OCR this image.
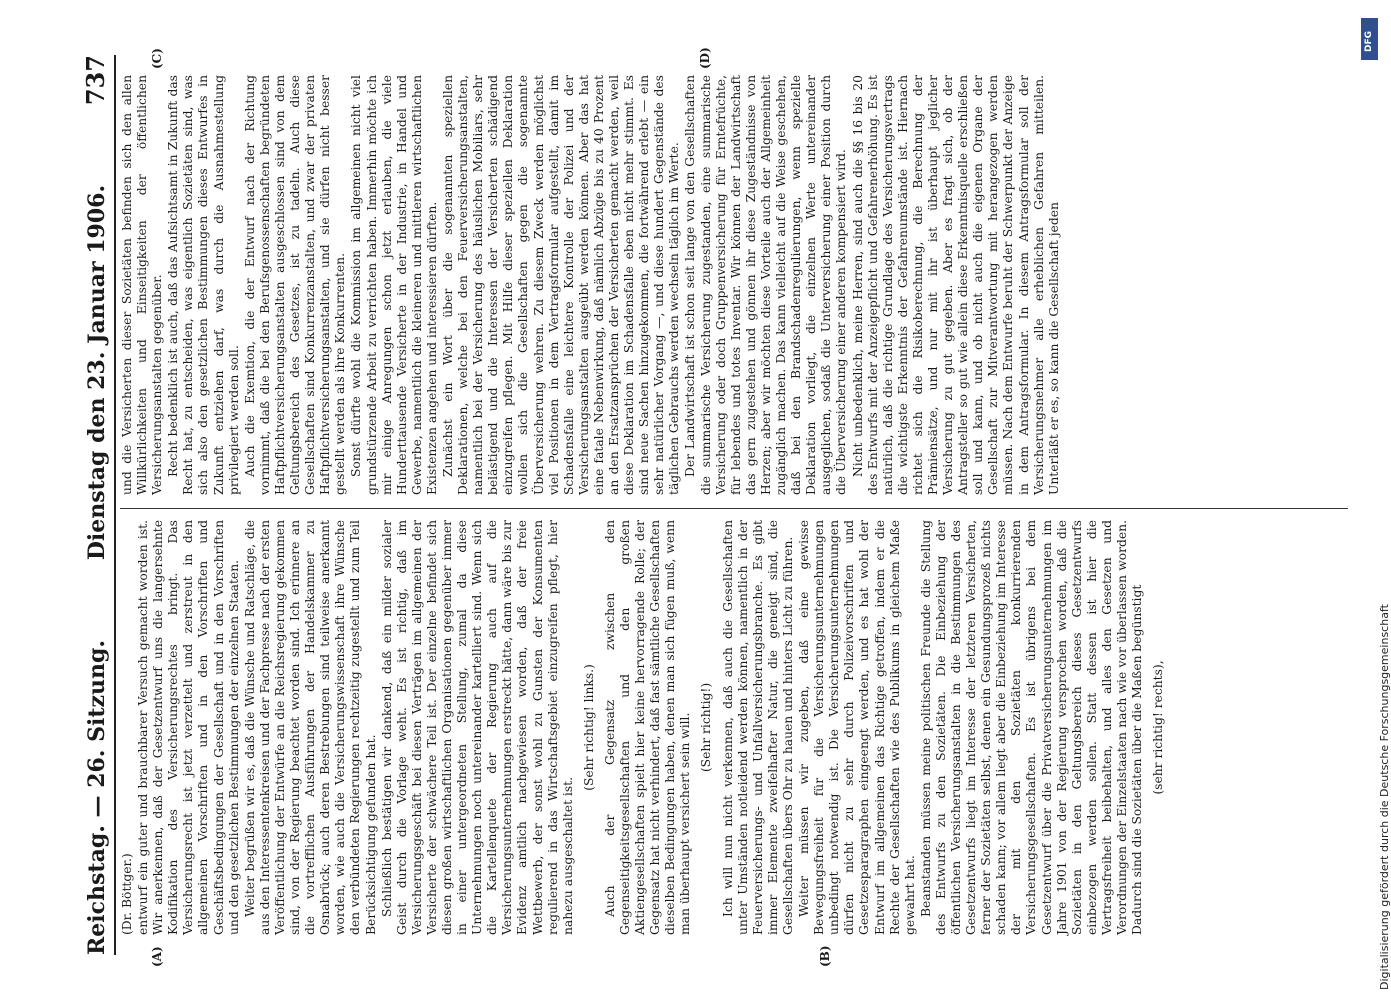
Reichstag. — 26. Sitzung.
Dienstag den 23. Januar 1906.
737
(A)	(B)
(C)	(D)

(Dr. Böttger.) entwurf ein guter und brauchbarer Versuch gemacht worden ist. Wir anerkennen, daß der Gesetzentwurf uns die langersehnte Kodifikation des Versicherungsrechtes bringt. Das Versicherungsrecht ist jetzt verzettelt und zerstreut in den allgemeinen Vorschriften und in den Vorschriften und Geschäftsbedingungen der Gesellschaft und in den Vorschriften und den gesetzlichen Bestimmungen der einzelnen Staaten. Weiter begrüßen wir es, daß die Wünsche und Ratschläge, die aus den Interessentenkreisen und der Fachpresse nach der ersten Veröffentlichung der Entwürfe an die Reichsregierung gekommen sind, von der Regierung beachtet worden sind. Ich erinnere an die vortrefflichen Ausführungen der Handelskammer zu Osnabrück; auch deren Bestrebungen sind teilweise anerkannt worden, wie auch die Versicherungswissenschaft ihre Wünsche den verbündeten Regierungen rechtzeitig zugestellt und zum Teil Berücksichtigung gefunden hat. Schließlich bestätigen wir dankend, daß ein milder sozialer Geist durch die Vorlage weht. Es ist richtig, daß im Versicherungsgeschäft bei diesen Verträgen im allgemeinen der Versicherte der schwächere Teil ist. Der einzelne befindet sich diesen großen wirtschaftlichen Organisationen gegenüber immer in einer untergeordneten Stellung, zumal da diese Unternehmungen noch untereinander kartelliert sind. Wenn sich die Kartellenquete der Regierung auch auf die Versicherungsunternehmungen erstreckt hätte, dann wäre bis zur Evidenz amtlich nachgewiesen worden, daß der freie Wettbewerb, der sonst wohl zu Gunsten der Konsumenten regulierend in das Wirtschaftsgebiet einzugreifen pflegt, hier nahezu ausgeschaltet ist.

(Sehr richtig! links.) Auch der Gegensatz zwischen den Gegenseitigkeitsgesellschaften und den großen Aktiengesellschaften spielt hier keine hervorragende Rolle; der Gegensatz hat nicht verhindert, daß fast sämtliche Gesellschaften dieselben Bedingungen haben, denen man sich fügen muß, wenn man überhaupt versichert sein will. (Sehr richtig!) Ich will nun nicht verkennen, daß auch die Gesellschaften unter Umständen notleidend werden können, namentlich in der Feuerversicherungs- und Unfallversicherungsbranche. Es gibt immer Elemente zweifelhafter Natur, die geneigt sind, die Gesellschaften übers Ohr zu hauen und hinters Licht zu führen. Weiter müssen wir zugeben, daß eine gewisse Bewegungsfreiheit für die Versicherungsunternehmungen unbedingt notwendig ist. Die Versicherungsunternehmungen dürfen nicht zu sehr durch Polizeivorschriften und Gesetzesparagraphen eingeengt werden, und es hat wohl der Entwurf im allgemeinen das Richtige getroffen, indem er die Rechte der Gesellschaften wie des Publikums in gleichem Maße gewahrt hat. Beanstanden müssen meine politischen Freunde die Stellung des Entwurfs zu den Sozietäten. Die Einbeziehung der öffentlichen Versicherungsanstalten in die Bestimmungen des Gesetzentwurfs liegt im Interesse der letzteren Versicherten, ferner der Sozietäten selbst, denen ein Gesundungsprozeß nichts schaden kann; vor allem liegt aber die Einbeziehung im Interesse der mit den Sozietäten konkurrierenden Versicherungsgesellschaften. Es ist übrigens bei dem Gesetzentwurf über die Privatversicherungsunternehmungen im Jahre 1901 von der Regierung versprochen worden, daß die Sozietäten in den Geltungsbereich dieses Gesetzentwurfs einbezogen werden sollen. Statt dessen ist hier die Vertragsfreiheit beibehalten, und alles den Gesetzen und Verordnungen der Einzelstaaten nach wie vor überlassen worden. Dadurch sind die Sozietäten über die Maßen begünstigt (sehr richtig! rechts),

und die Versicherten dieser Sozietäten befinden sich den allen Willkürlichkeiten und Einseitigkeiten der öffentlichen Versicherungsanstalten gegenüber. Recht bedenklich ist auch, daß das Aufsichtsamt in Zukunft das Recht hat, zu entscheiden, was eigentlich Sozietäten sind, was sich also den gesetzlichen Bestimmungen dieses Entwurfes in Zukunft entziehen darf, was durch die Ausnahmestellung privilegiert werden soll. Auch die Exemtion, die der Entwurf nach der Richtung vornimmt, daß die bei den Berufsgenossenschaften begründeten Haftpflichtversicherungsanstalten ausgeschlossen sind von dem Geltungsbereich des Gesetzes, ist zu tadeln. Auch diese Gesellschaften sind Konkurrenzanstalten, und zwar der privaten Haftpflichtversicherungsanstalten, und sie dürfen nicht besser gestellt werden als ihre Konkurrenten. Sonst dürfte wohl die Kommission im allgemeinen nicht viel grundstürzende Arbeit zu verrichten haben. Immerhin möchte ich mir einige Anregungen schon jetzt erlauben, die viele Hunderttausende Versicherte in der Industrie, in Handel und Gewerbe, namentlich die kleineren und mittleren wirtschaftlichen Existenzen angehen und interessieren dürften. Zunächst ein Wort über die sogenannten speziellen Deklarationen, welche bei den Feuerversicherungsanstalten, namentlich bei der Versicherung des häuslichen Mobiliars, sehr belästigend und die Interessen der Versicherten schädigend einzugreifen pflegen. Mit Hilfe dieser speziellen Deklaration wollen sich die Gesellschaften gegen die sogenannte Überversicherung wehren. Zu diesem Zweck werden möglichst viel Positionen in dem Vertragsformular aufgestellt, damit im Schadensfalle eine leichtere Kontrolle der Polizei und der Versicherungsanstalten ausgeübt werden können. Aber das hat eine fatale Nebenwirkung, daß nämlich Abzüge bis zu 40 Prozent an den Ersatzansprüchen der Versicherten gemacht werden, weil diese Deklaration im Schadensfalle eben nicht mehr stimmt. Es sind neue Sachen hinzugekommen, die fortwährend erlebt — ein sehr natürlicher Vorgang —, und diese hundert Gegenstände des täglichen Gebrauchs werden wechseln täglich im Werte. Der Landwirtschaft ist schon seit lange von den Gesellschaften die summarische Versicherung zugestanden, eine summarische Versicherung oder doch Gruppenversicherung für Erntefrüchte, für lebendes und totes Inventar. Wir können der Landwirtschaft das gern zugestehen und gönnen ihr diese Zugeständnisse von Herzen; aber wir möchten diese Vorteile auch der Allgemeinheit zugänglich machen. Das kann vielleicht auf die Weise geschehen, daß bei den Brandschadenregulierungen, wenn spezielle Deklaration vorliegt, die einzelnen Werte untereinander ausgeglichen, sodaß die Unterversicherung einer Position durch die Überversicherung einer anderen kompensiert wird. Nicht unbedenklich, meine Herren, sind auch die §§ 16 bis 20 des Entwurfs mit der Anzeigepflicht und Gefahrenerhöhung. Es ist natürlich, daß die richtige Grundlage des Versicherungsvertrags die wichtigste Erkenntnis der Gefahrenumstände ist. Hiernach richtet sich die Risikoberechnung, die Berechnung der Prämiensätze, und nur mit ihr ist überhaupt jeglicher Versicherung zu gut gegeben. Aber es fragt sich, ob der Antragsteller so gut wie allein diese Erkenntnisquelle erschließen soll und kann, und ob nicht auch die eigenen Organe der Gesellschaft zur Mitverantwortung mit herangezogen werden müssen. Nach dem Entwurfe beruht der Schwerpunkt der Anzeige in dem Antragsformular. In diesem Antragsformular soll der Versicherungsnehmer alle erheblichen Gefahren mitteilen. Unterläßt er es, so kann die Gesellschaft jeden

DFG
Digitalisierung gefördert durch die Deutsche Forschungsgemeinschaft
